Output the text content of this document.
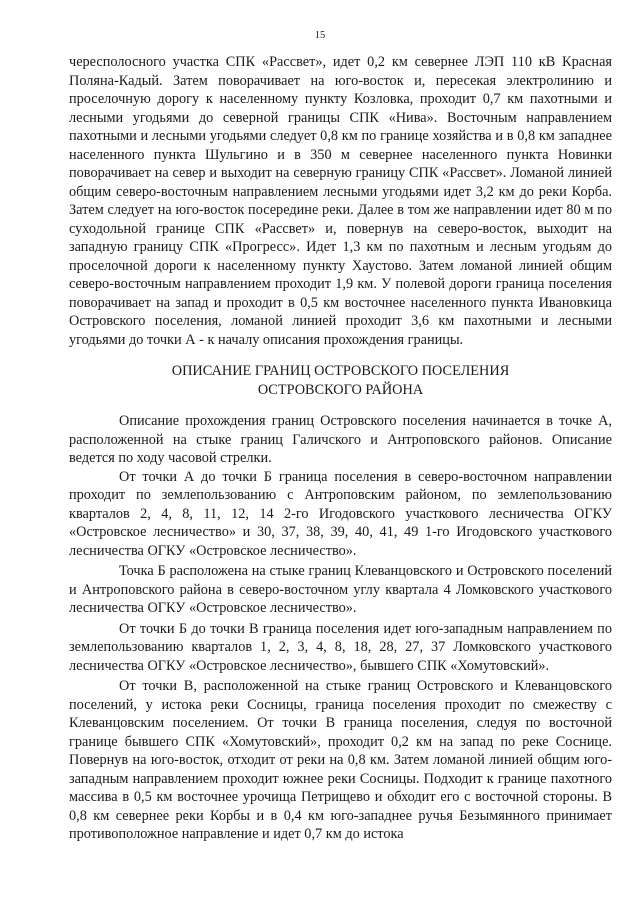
15

чересполосного участка СПК «Рассвет», идет 0,2 км севернее ЛЭП 110 кВ Красная Поляна-Кадый. Затем поворачивает на юго-восток и, пересекая электролинию и проселочную дорогу к населенному пункту Козловка, проходит 0,7 км пахотными и лесными угодьями до северной границы СПК «Нива». Восточным направлением пахотными и лесными угодьями следует 0,8 км по границе хозяйства и в 0,8 км западнее населенного пункта Шульгино и в 350 м севернее населенного пункта Новинки поворачивает на север и выходит на северную границу СПК «Рассвет». Ломаной линией общим северо-восточным направлением лесными угодьями идет 3,2 км до реки Корба. Затем следует на юго-восток посередине реки. Далее в том же направлении идет 80 м по суходольной границе СПК «Рассвет» и, повернув на северо-восток, выходит на западную границу СПК «Прогресс». Идет 1,3 км по пахотным и лесным угодьям до проселочной дороги к населенному пункту Хаустово. Затем ломаной линией общим северо-восточным направлением проходит 1,9 км. У полевой дороги граница поселения поворачивает на запад и проходит в 0,5 км восточнее населенного пункта Ивановкица Островского поселения, ломаной линией проходит 3,6 км пахотными и лесными угодьями до точки А - к началу описания прохождения границы.

ОПИСАНИЕ ГРАНИЦ ОСТРОВСКОГО ПОСЕЛЕНИЯ ОСТРОВСКОГО РАЙОНА

Описание прохождения границ Островского поселения начинается в точке А, расположенной на стыке границ Галичского и Антроповского районов. Описание ведется по ходу часовой стрелки.

От точки А до точки Б граница поселения в северо-восточном направлении проходит по землепользованию с Антроповским районом, по землепользованию кварталов 2, 4, 8, 11, 12, 14 2-го Игодовского участкового лесничества ОГКУ «Островское лесничество» и 30, 37, 38, 39, 40, 41, 49 1-го Игодовского участкового лесничества ОГКУ «Островское лесничество».

Точка Б расположена на стыке границ Клеванцовского и Островского поселений и Антроповского района в северо-восточном углу квартала 4 Ломковского участкового лесничества ОГКУ «Островское лесничество».

От точки Б до точки В граница поселения идет юго-западным направлением по землепользованию кварталов 1, 2, 3, 4, 8, 18, 28, 27, 37 Ломковского участкового лесничества ОГКУ «Островское лесничество», бывшего СПК «Хомутовский».

От точки В, расположенной на стыке границ Островского и Клеванцовского поселений, у истока реки Сосницы, граница поселения проходит по смежеству с Клеванцовским поселением. От точки В граница поселения, следуя по восточной границе бывшего СПК «Хомутовский», проходит 0,2 км на запад по реке Соснице. Повернув на юго-восток, отходит от реки на 0,8 км. Затем ломаной линией общим юго-западным направлением проходит южнее реки Сосницы. Подходит к границе пахотного массива в 0,5 км восточнее урочища Петрищево и обходит его с восточной стороны. В 0,8 км севернее реки Корбы и в 0,4 км юго-западнее ручья Безымянного принимает противоположное направление и идет 0,7 км до истока
